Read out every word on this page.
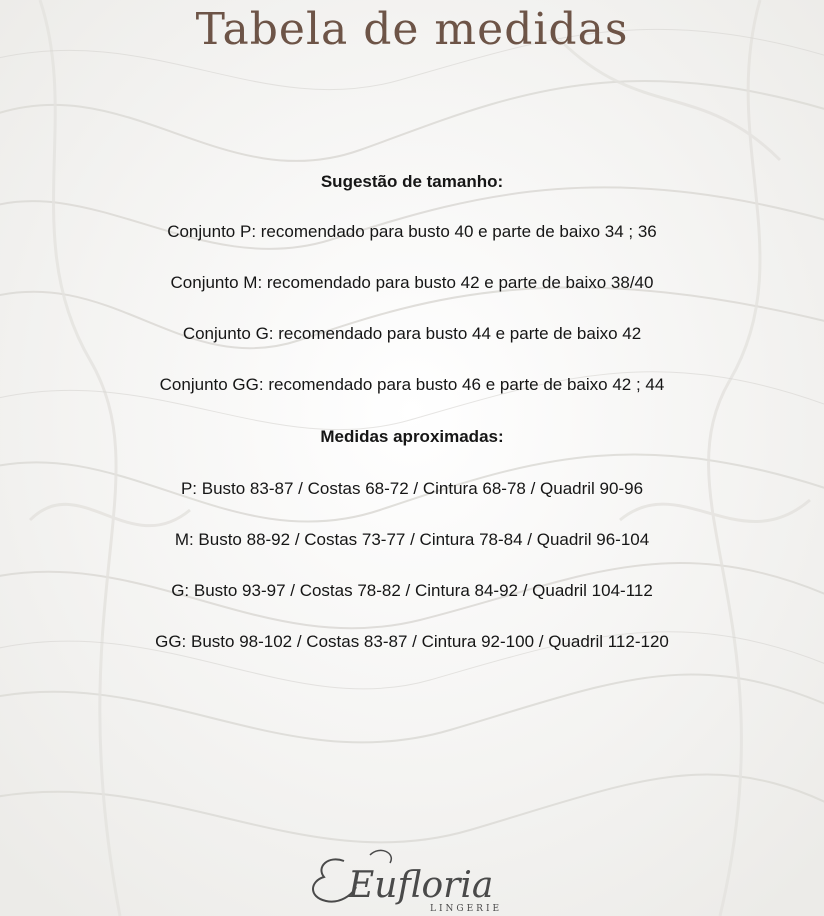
Tabela de medidas
Sugestão de tamanho:
Conjunto P: recomendado para busto 40 e parte de baixo 34 ; 36
Conjunto M: recomendado para busto 42 e parte de baixo 38/40
Conjunto G: recomendado para busto 44 e parte de baixo 42
Conjunto GG: recomendado para busto 46 e parte de baixo 42 ; 44
Medidas aproximadas:
P: Busto 83-87 / Costas 68-72 / Cintura 68-78 / Quadril 90-96
M: Busto 88-92 / Costas 73-77 / Cintura 78-84 / Quadril 96-104
G: Busto 93-97 / Costas 78-82 / Cintura 84-92 / Quadril 104-112
GG: Busto 98-102 / Costas 83-87 / Cintura 92-100 / Quadril 112-120
Eufloria
LINGERIE
